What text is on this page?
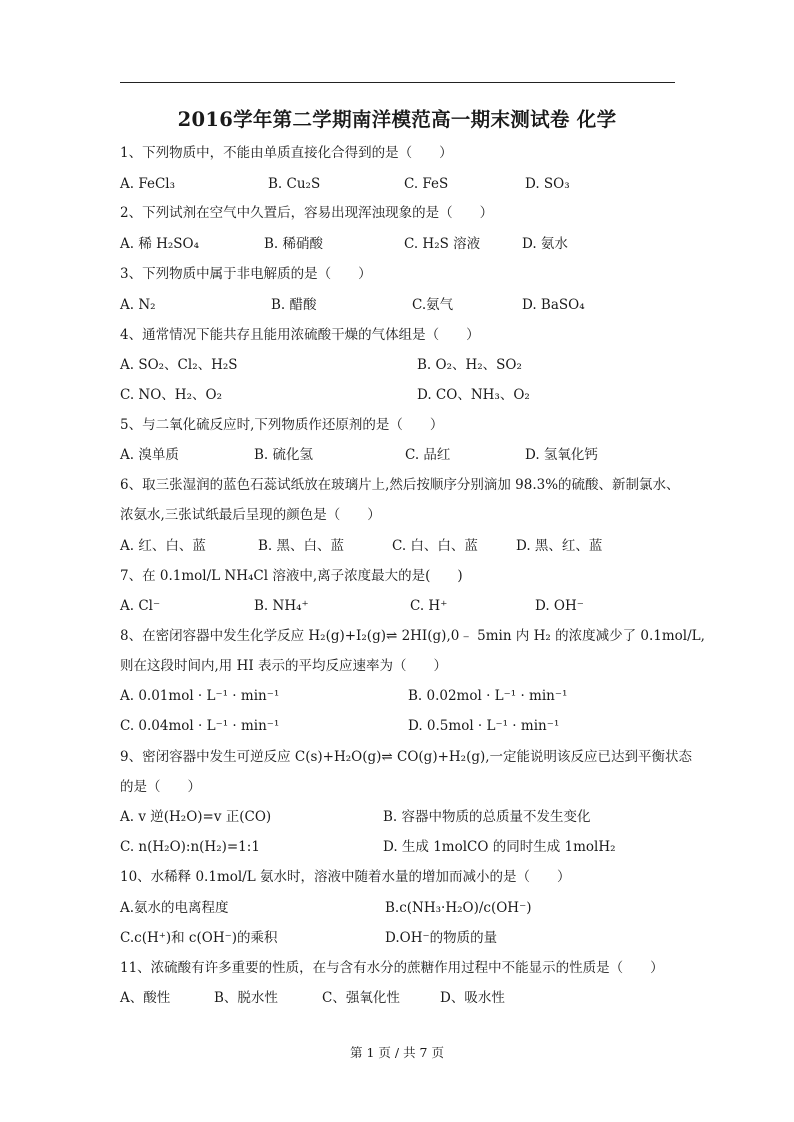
2016学年第二学期南洋模范高一期末测试卷 化学
1、下列物质中，不能由单质直接化合得到的是（　　）
A. FeCl₃	B. Cu₂S	C. FeS	D. SO₃
2、下列试剂在空气中久置后，容易出现浑浊现象的是（　　）
A. 稀 H₂SO₄	B. 稀硝酸	C. H₂S 溶液	D. 氨水
3、下列物质中属于非电解质的是（　　）
A. N₂	B. 醋酸	C.氨气	D. BaSO₄
4、通常情况下能共存且能用浓硫酸干燥的气体组是（　　）
A. SO₂、Cl₂、H₂S	B. O₂、H₂、SO₂
C. NO、H₂、O₂	D. CO、NH₃、O₂
5、与二氧化硫反应时,下列物质作还原剂的是（　　）
A. 溴单质	B. 硫化氢	C. 品红	D. 氢氧化钙
6、取三张湿润的蓝色石蕊试纸放在玻璃片上,然后按顺序分别滴加 98.3%的硫酸、新制氯水、
浓氨水,三张试纸最后呈现的颜色是（　　）
A. 红、白、蓝	B. 黑、白、蓝	C. 白、白、蓝	D. 黑、红、蓝
7、在 0.1mol/L NH₄Cl 溶液中,离子浓度最大的是(　　)
A. Cl⁻	B. NH₄⁺	C. H⁺	D. OH⁻
8、在密闭容器中发生化学反应 H₂(g)+I₂(g)⇌ 2HI(g),0﹣ 5min 内 H₂ 的浓度减少了 0.1mol/L,
则在这段时间内,用 HI 表示的平均反应速率为（　　）
A. 0.01mol · L⁻¹ · min⁻¹	B. 0.02mol · L⁻¹ · min⁻¹
C. 0.04mol · L⁻¹ · min⁻¹	D. 0.5mol · L⁻¹ · min⁻¹
9、密闭容器中发生可逆反应 C(s)+H₂O(g)⇌ CO(g)+H₂(g),一定能说明该反应已达到平衡状态
的是（　　）
A. v 逆(H₂O)=v 正(CO)	B. 容器中物质的总质量不发生变化
C. n(H₂O):n(H₂)=1:1	D. 生成 1molCO 的同时生成 1molH₂
10、水稀释 0.1mol/L 氨水时，溶液中随着水量的增加而减小的是（　　）
A.氨水的电离程度	B.c(NH₃·H₂O)/c(OH⁻)
C.c(H⁺)和 c(OH⁻)的乘积	D.OH⁻的物质的量
11、浓硫酸有许多重要的性质，在与含有水分的蔗糖作用过程中不能显示的性质是（　　）
A、酸性	B、脱水性	C、强氧化性	D、吸水性
第 1 页 / 共 7 页
